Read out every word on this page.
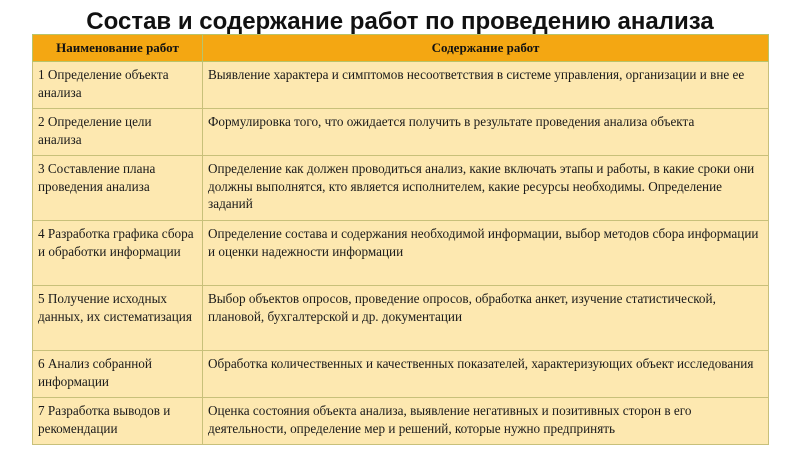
Состав и содержание работ по проведению анализа
Наименование работ	Содержание работ
1 Определение объекта анализа	Выявление характера и симптомов несоответствия в системе управления, организации и вне ее
2 Определение цели анализа	Формулировка того, что ожидается получить в результате проведения анализа объекта
3 Составление плана проведения анализа	Определение как должен проводиться анализ, какие включать этапы и работы, в какие сроки они должны выполнятся, кто является исполнителем, какие ресурсы необходимы. Определение заданий
4 Разработка графика сбора и обработки информации	Определение состава и содержания необходимой информации, выбор методов сбора информации и оценки надежности информации
5 Получение исходных данных, их систематизация	Выбор объектов опросов, проведение опросов, обработка анкет, изучение статистической, плановой, бухгалтерской и др. документации
6 Анализ собранной информации	Обработка количественных и качественных показателей, характеризующих объект исследования
7 Разработка выводов и рекомендации	Оценка состояния объекта анализа, выявление негативных и позитивных сторон в его деятельности, определение мер и решений, которые нужно предпринять
